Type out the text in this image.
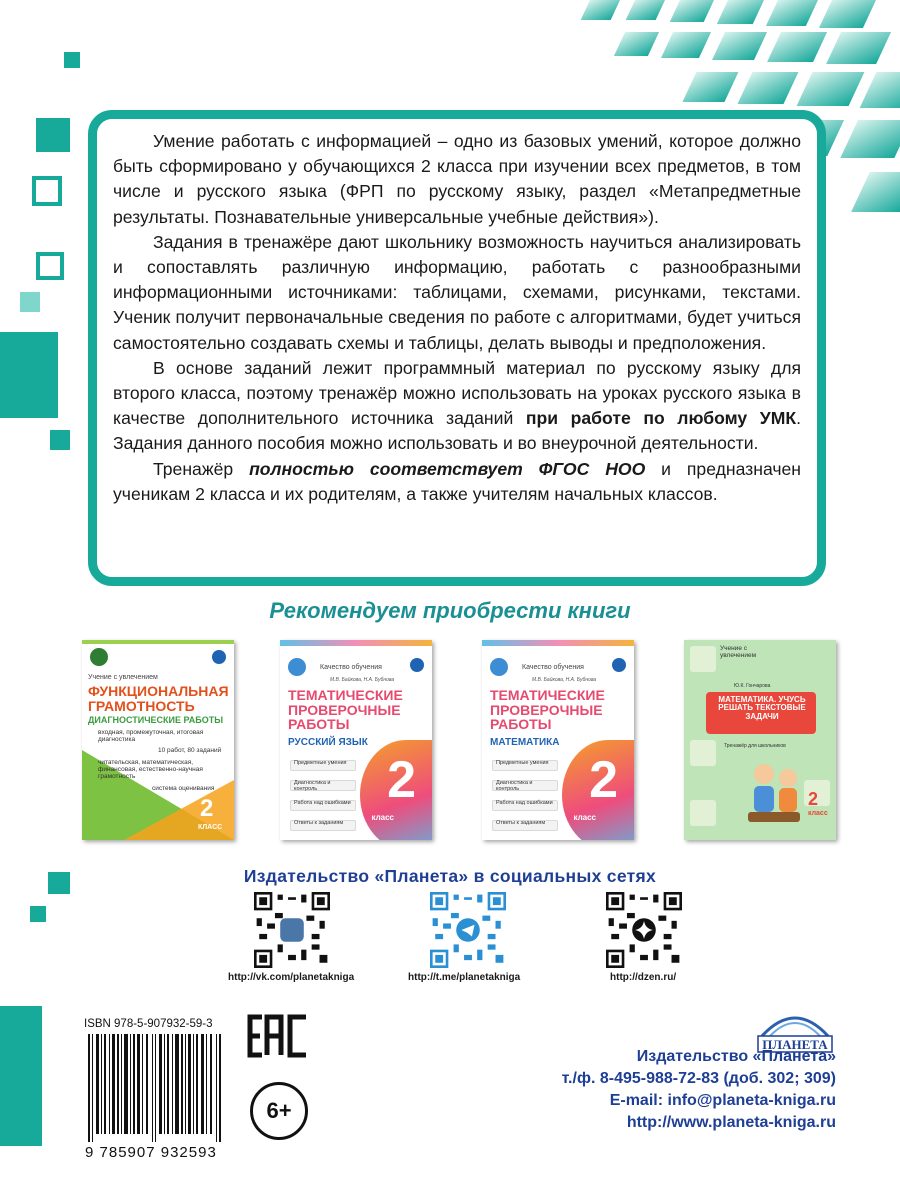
Умение работать с информацией – одно из базовых умений, которое должно быть сформировано у обучающихся 2 класса при изучении всех предметов, в том числе и русского языка (ФРП по русскому языку, раздел «Метапредметные результаты. Познавательные универсальные учебные действия»).

Задания в тренажёре дают школьнику возможность научиться анализировать и сопоставлять различную информацию, работать с разнообразными информационными источниками: таблицами, схемами, рисунками, текстами. Ученик получит первоначальные сведения по работе с алгоритмами, будет учиться самостоятельно создавать схемы и таблицы, делать выводы и предположения.

В основе заданий лежит программный материал по русскому языку для второго класса, поэтому тренажёр можно использовать на уроках русского языка в качестве дополнительного источника заданий при работе по любому УМК. Задания данного пособия можно использовать и во внеурочной деятельности.

Тренажёр полностью соответствует ФГОС НОО и предназначен ученикам 2 класса и их родителям, а также учителям начальных классов.

Рекомендуем приобрести книги
Учение с увлечением
ФУНКЦИОНАЛЬНАЯ ГРАМОТНОСТЬ
ДИАГНОСТИЧЕСКИЕ РАБОТЫ
входная, промежуточная, итоговая диагностика
10 работ, 80 заданий
читательская, математическая, финансовая, естественно-научная грамотность
система оценивания
2
КЛАСС
Качество обучения
М.В. Байкова, Н.А. Бубнова
ТЕМАТИЧЕСКИЕ ПРОВЕРОЧНЫЕ РАБОТЫ
РУССКИЙ ЯЗЫК
Предметные умения
Диагностика и контроль
Работа над ошибками
Ответы к заданиям
2
класс
Качество обучения
М.В. Байкова, Н.А. Бубнова
ТЕМАТИЧЕСКИЕ ПРОВЕРОЧНЫЕ РАБОТЫ
МАТЕМАТИКА
Предметные умения
Диагностика и контроль
Работа над ошибками
Ответы к заданиям
2
класс
Учение с увлечением
Ю.К. Гончарова
МАТЕМАТИКА. УЧУСЬ РЕШАТЬ ТЕКСТОВЫЕ ЗАДАЧИ
Тренажёр для школьников
2
класс
Издательство «Планета» в социальных сетях
http://vk.com/planetakniga	http://t.me/planetakniga	http://dzen.ru/
ISBN 978-5-907932-59-3
9 785907 932593
6+
ПЛАНЕТА
Издательство «Планета»
т./ф. 8-495-988-72-83 (доб. 302; 309)
E-mail: info@planeta-kniga.ru
http://www.planeta-kniga.ru
